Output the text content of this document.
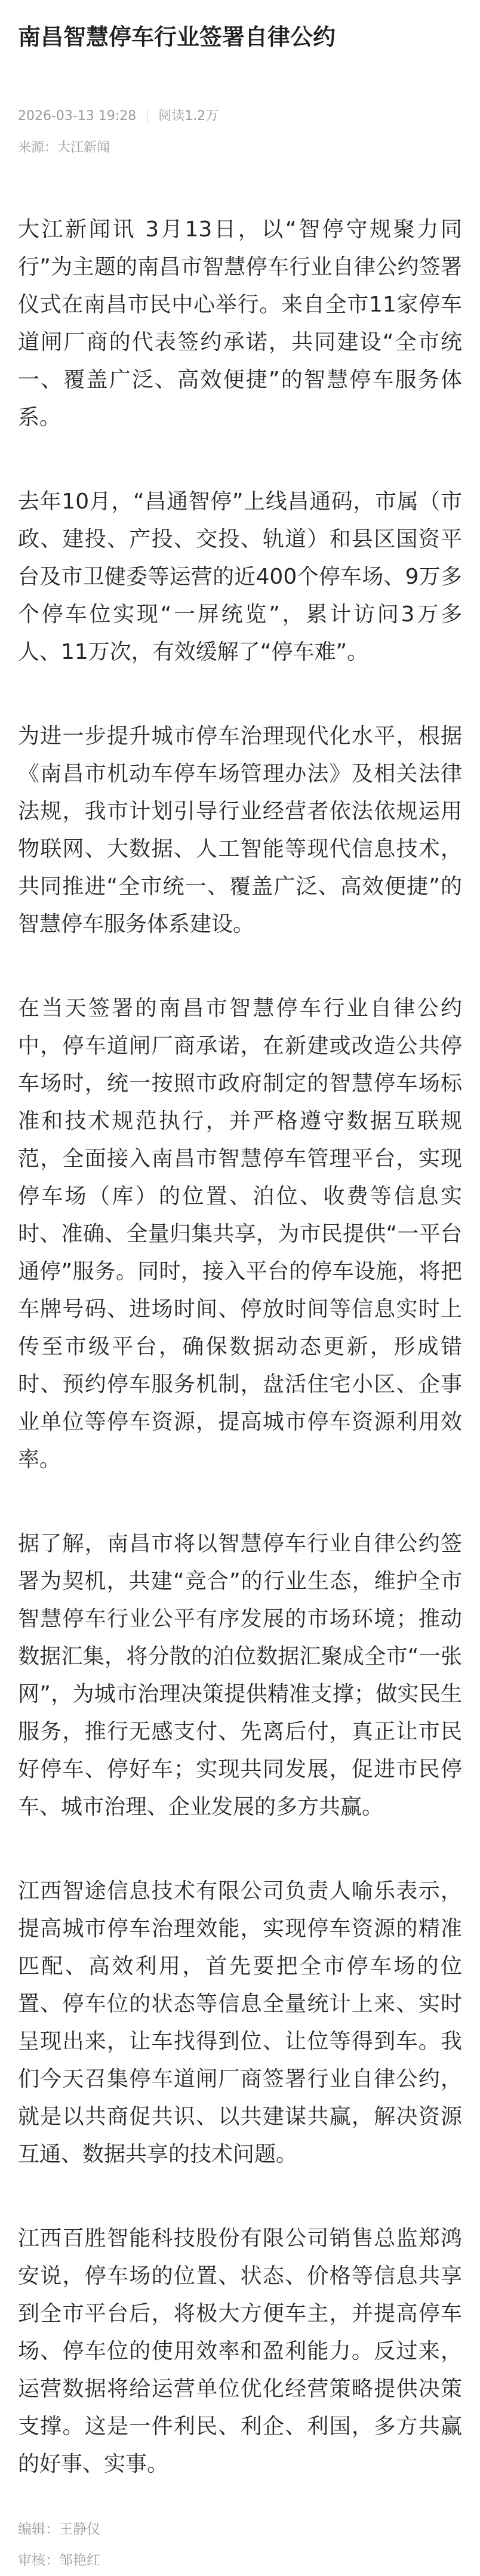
南昌智慧停车行业签署自律公约
2026-03-13 19:28 阅读1.2万
来源：大江新闻

大江新闻讯 3月13日，以“智停守规聚力同行”为主题的南昌市智慧停车行业自律公约签署仪式在南昌市民中心举行。来自全市11家停车道闸厂商的代表签约承诺，共同建设“全市统一、覆盖广泛、高效便捷”的智慧停车服务体系。

去年10月，“昌通智停”上线昌通码，市属（市政、建投、产投、交投、轨道）和县区国资平台及市卫健委等运营的近400个停车场、9万多个停车位实现“一屏统览”，累计访问3万多人、11万次，有效缓解了“停车难”。

为进一步提升城市停车治理现代化水平，根据《南昌市机动车停车场管理办法》及相关法律法规，我市计划引导行业经营者依法依规运用物联网、大数据、人工智能等现代信息技术，共同推进“全市统一、覆盖广泛、高效便捷”的智慧停车服务体系建设。

在当天签署的南昌市智慧停车行业自律公约中，停车道闸厂商承诺，在新建或改造公共停车场时，统一按照市政府制定的智慧停车场标准和技术规范执行，并严格遵守数据互联规范，全面接入南昌市智慧停车管理平台，实现停车场（库）的位置、泊位、收费等信息实时、准确、全量归集共享，为市民提供“一平台通停”服务。同时，接入平台的停车设施，将把车牌号码、进场时间、停放时间等信息实时上传至市级平台，确保数据动态更新，形成错时、预约停车服务机制，盘活住宅小区、企事业单位等停车资源，提高城市停车资源利用效率。

据了解，南昌市将以智慧停车行业自律公约签署为契机，共建“竞合”的行业生态，维护全市智慧停车行业公平有序发展的市场环境；推动数据汇集，将分散的泊位数据汇聚成全市“一张网”，为城市治理决策提供精准支撑；做实民生服务，推行无感支付、先离后付，真正让市民好停车、停好车；实现共同发展，促进市民停车、城市治理、企业发展的多方共赢。

江西智途信息技术有限公司负责人喻乐表示，提高城市停车治理效能，实现停车资源的精准匹配、高效利用，首先要把全市停车场的位置、停车位的状态等信息全量统计上来、实时呈现出来，让车找得到位、让位等得到车。我们今天召集停车道闸厂商签署行业自律公约，就是以共商促共识、以共建谋共赢，解决资源互通、数据共享的技术问题。

江西百胜智能科技股份有限公司销售总监郑鸿安说，停车场的位置、状态、价格等信息共享到全市平台后，将极大方便车主，并提高停车场、停车位的使用效率和盈利能力。反过来，运营数据将给运营单位优化经营策略提供决策支撑。这是一件利民、利企、利国，多方共赢的好事、实事。

编辑：王静仪
审核：邹艳红
